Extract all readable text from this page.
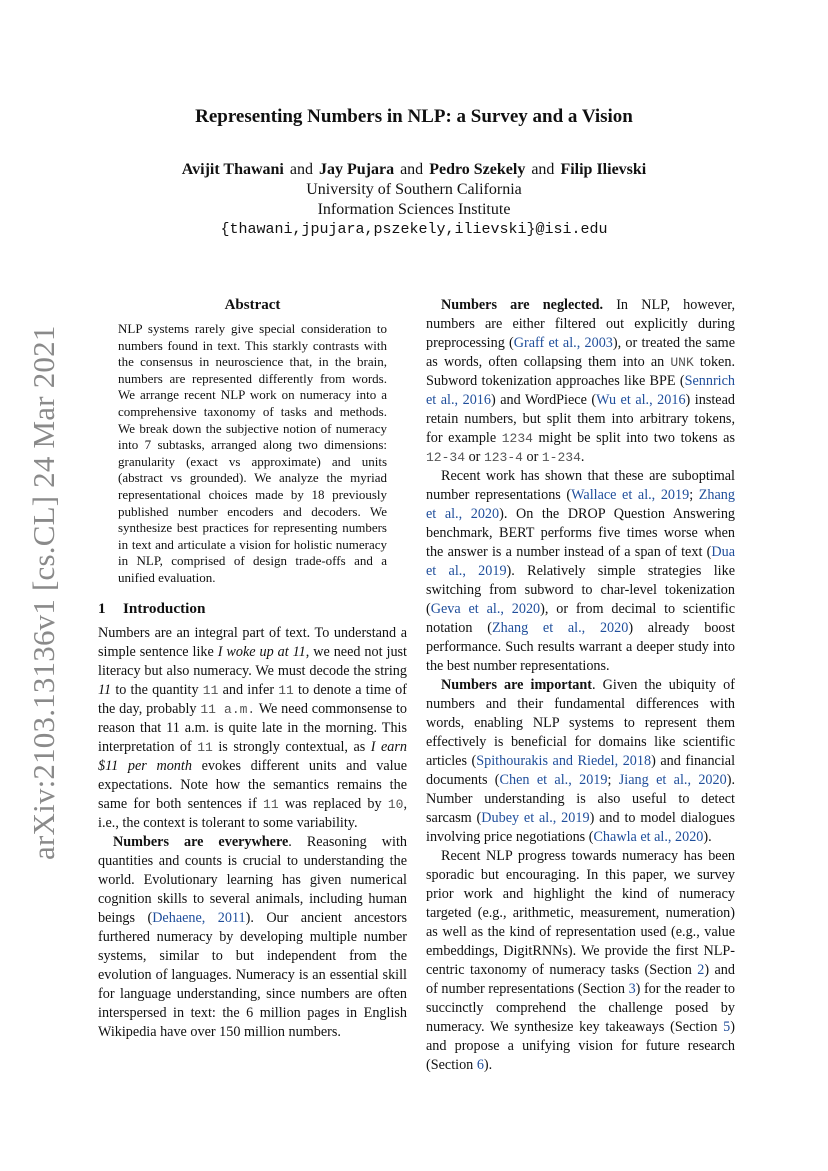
arXiv:2103.13136v1 [cs.CL] 24 Mar 2021
Representing Numbers in NLP: a Survey and a Vision
Avijit Thawani and Jay Pujara and Pedro Szekely and Filip Ilievski
University of Southern California
Information Sciences Institute
{thawani,jpujara,pszekely,ilievski}@isi.edu
Abstract
NLP systems rarely give special consideration to numbers found in text. This starkly contrasts with the consensus in neuroscience that, in the brain, numbers are represented differently from words. We arrange recent NLP work on numeracy into a comprehensive taxonomy of tasks and methods. We break down the subjective notion of numeracy into 7 subtasks, arranged along two dimensions: granularity (exact vs approximate) and units (abstract vs grounded). We analyze the myriad representational choices made by 18 previously published number encoders and decoders. We synthesize best practices for representing numbers in text and articulate a vision for holistic numeracy in NLP, comprised of design trade-offs and a unified evaluation.
1 Introduction

Numbers are an integral part of text. To understand a simple sentence like I woke up at 11, we need not just literacy but also numeracy. We must decode the string 11 to the quantity 11 and infer 11 to denote a time of the day, probably 11 a.m. We need commonsense to reason that 11 a.m. is quite late in the morning. This interpretation of 11 is strongly contextual, as I earn $11 per month evokes different units and value expectations. Note how the semantics remains the same for both sentences if 11 was replaced by 10, i.e., the context is tolerant to some variability.

Numbers are everywhere. Reasoning with quantities and counts is crucial to understanding the world. Evolutionary learning has given numerical cognition skills to several animals, including human beings (Dehaene, 2011). Our ancient ancestors furthered numeracy by developing multiple number systems, similar to but independent from the evolution of languages. Numeracy is an essential skill for language understanding, since numbers are often interspersed in text: the 6 million pages in English Wikipedia have over 150 million numbers.

Numbers are neglected. In NLP, however, numbers are either filtered out explicitly during preprocessing (Graff et al., 2003), or treated the same as words, often collapsing them into an UNK token. Subword tokenization approaches like BPE (Sennrich et al., 2016) and WordPiece (Wu et al., 2016) instead retain numbers, but split them into arbitrary tokens, for example 1234 might be split into two tokens as 12-34 or 123-4 or 1-234.

Recent work has shown that these are suboptimal number representations (Wallace et al., 2019; Zhang et al., 2020). On the DROP Question Answering benchmark, BERT performs five times worse when the answer is a number instead of a span of text (Dua et al., 2019). Relatively simple strategies like switching from subword to char-level tokenization (Geva et al., 2020), or from decimal to scientific notation (Zhang et al., 2020) already boost performance. Such results warrant a deeper study into the best number representations.

Numbers are important. Given the ubiquity of numbers and their fundamental differences with words, enabling NLP systems to represent them effectively is beneficial for domains like scientific articles (Spithourakis and Riedel, 2018) and financial documents (Chen et al., 2019; Jiang et al., 2020). Number understanding is also useful to detect sarcasm (Dubey et al., 2019) and to model dialogues involving price negotiations (Chawla et al., 2020).

Recent NLP progress towards numeracy has been sporadic but encouraging. In this paper, we survey prior work and highlight the kind of numeracy targeted (e.g., arithmetic, measurement, numeration) as well as the kind of representation used (e.g., value embeddings, DigitRNNs). We provide the first NLP-centric taxonomy of numeracy tasks (Section 2) and of number representations (Section 3) for the reader to succinctly comprehend the challenge posed by numeracy. We synthesize key takeaways (Section 5) and propose a unifying vision for future research (Section 6).
